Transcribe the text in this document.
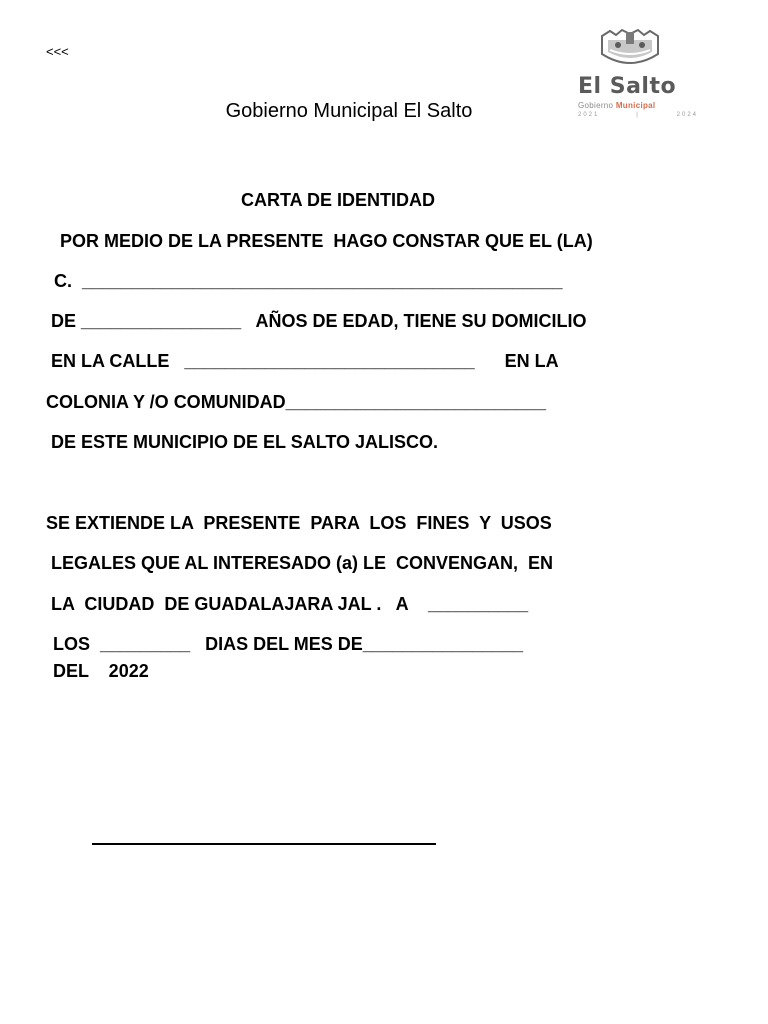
<<<
El Salto
Gobierno Municipal
2021	|	2024
Gobierno Municipal El Salto
CARTA DE IDENTIDAD
POR MEDIO DE LA PRESENTE  HAGO CONSTAR QUE EL (LA)
C.  ________________________________________________
DE ________________   AÑOS DE EDAD, TIENE SU DOMICILIO
EN LA CALLE   _____________________________      EN LA
COLONIA Y /O COMUNIDAD__________________________
DE ESTE MUNICIPIO DE EL SALTO JALISCO.
SE EXTIENDE LA  PRESENTE  PARA  LOS  FINES  Y  USOS
LEGALES QUE AL INTERESADO (a) LE  CONVENGAN,  EN
LA  CIUDAD  DE GUADALAJARA JAL .   A    __________
LOS  _________   DIAS DEL MES DE________________
DEL    2022
